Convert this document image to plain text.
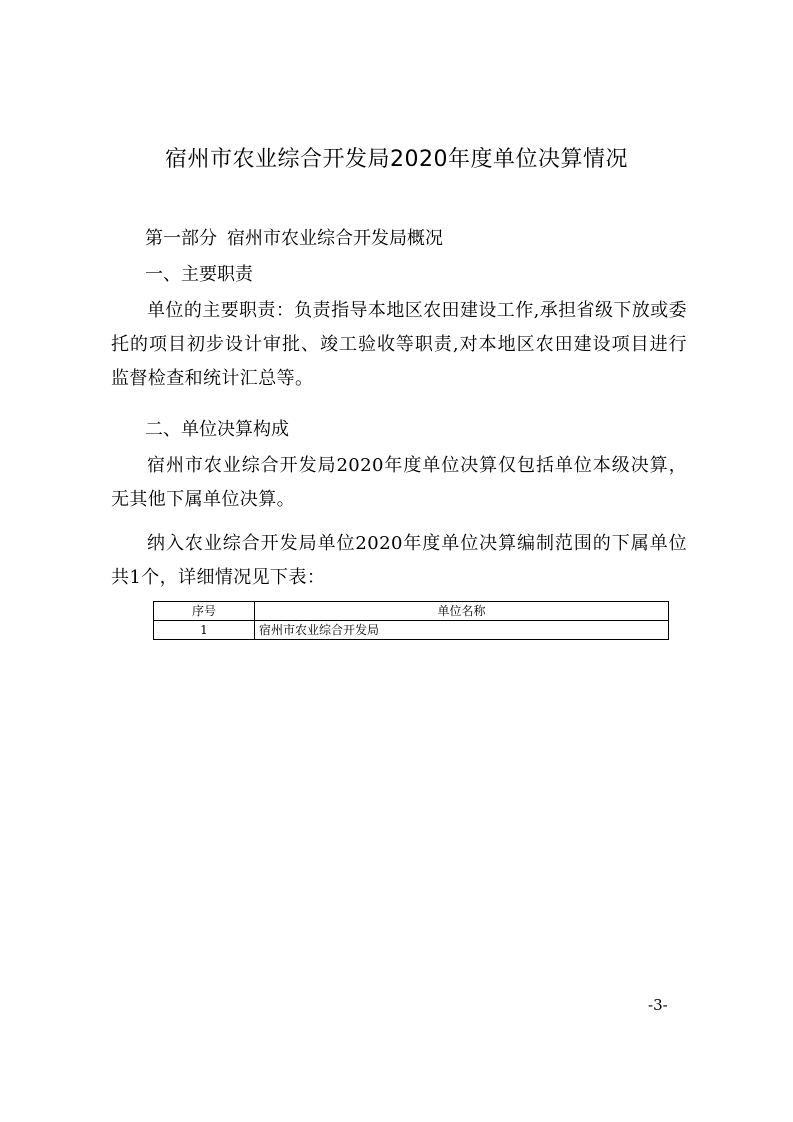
宿州市农业综合开发局2020年度单位决算情况
第一部分 宿州市农业综合开发局概况
一、主要职责
单位的主要职责：负责指导本地区农田建设工作,承担省级下放或委托的项目初步设计审批、竣工验收等职责,对本地区农田建设项目进行监督检查和统计汇总等。
二、单位决算构成
宿州市农业综合开发局2020年度单位决算仅包括单位本级决算，无其他下属单位决算。
纳入农业综合开发局单位2020年度单位决算编制范围的下属单位共1个，详细情况见下表：
序号	单位名称
1	宿州市农业综合开发局
-3-
